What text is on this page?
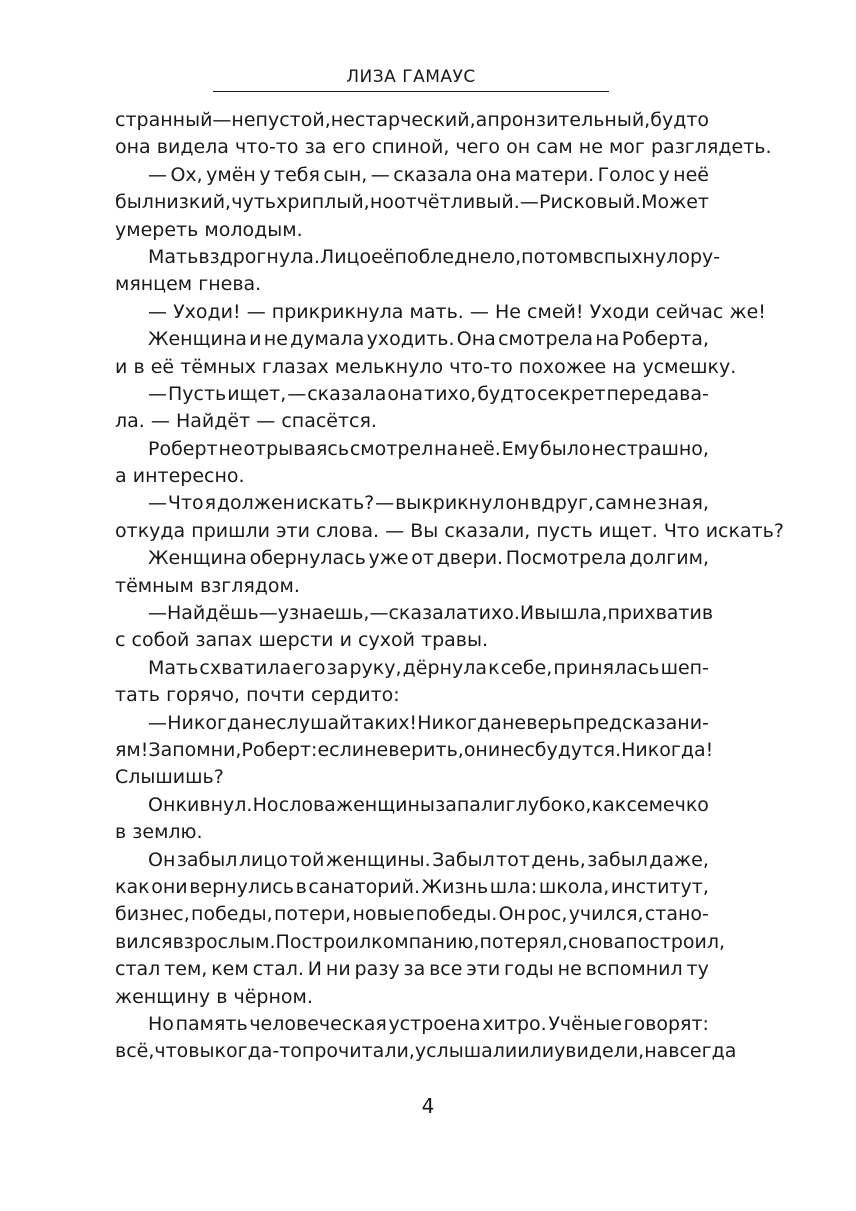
ЛИЗА ГАМАУС
странный — не пустой, не старческий, а пронзительный, будто
она видела что-то за его спиной, чего он сам не мог разглядеть.
— Ох, умён у тебя сын, — сказала она матери. Голос у неё
был низкий, чуть хриплый, но отчётливый. — Рисковый. Может
умереть молодым.
Мать вздрогнула. Лицо её побледнело, потом вспыхнуло ру-
мянцем гнева.
— Уходи! — прикрикнула мать. — Не смей! Уходи сейчас же!
Женщина и не думала уходить. Она смотрела на Роберта,
и в её тёмных глазах мелькнуло что-то похожее на усмешку.
— Пусть ищет, — сказала она тихо, будто секрет передава-
ла. — Найдёт — спасётся.
Роберт не отрываясь смотрел на неё. Ему было не страшно,
а интересно.
— Что я должен искать? — выкрикнул он вдруг, сам не зная,
откуда пришли эти слова. — Вы сказали, пусть ищет. Что искать?
Женщина обернулась уже от двери. Посмотрела долгим,
тёмным взглядом.
— Найдёшь — узнаешь, — сказала тихо. И вышла, прихватив
с собой запах шерсти и сухой травы.
Мать схватила его за руку, дёрнула к себе, принялась шеп-
тать горячо, почти сердито:
— Никогда не слушай таких! Никогда не верь предсказани-
ям! Запомни, Роберт: если не верить, они не сбудутся. Никогда!
Слышишь?
Он кивнул. Но слова женщины запали глубоко, как семечко
в землю.
Он забыл лицо той женщины. Забыл тот день, забыл даже,
как они вернулись в санаторий. Жизнь шла: школа, институт,
бизнес, победы, потери, новые победы. Он рос, учился, стано-
вился взрослым. Построил компанию, потерял, снова построил,
стал тем, кем стал. И ни разу за все эти годы не вспомнил ту
женщину в чёрном.
Но память человеческая устроена хитро. Учёные говорят:
всё, что вы когда-то прочитали, услышали или увидели, навсегда
4
